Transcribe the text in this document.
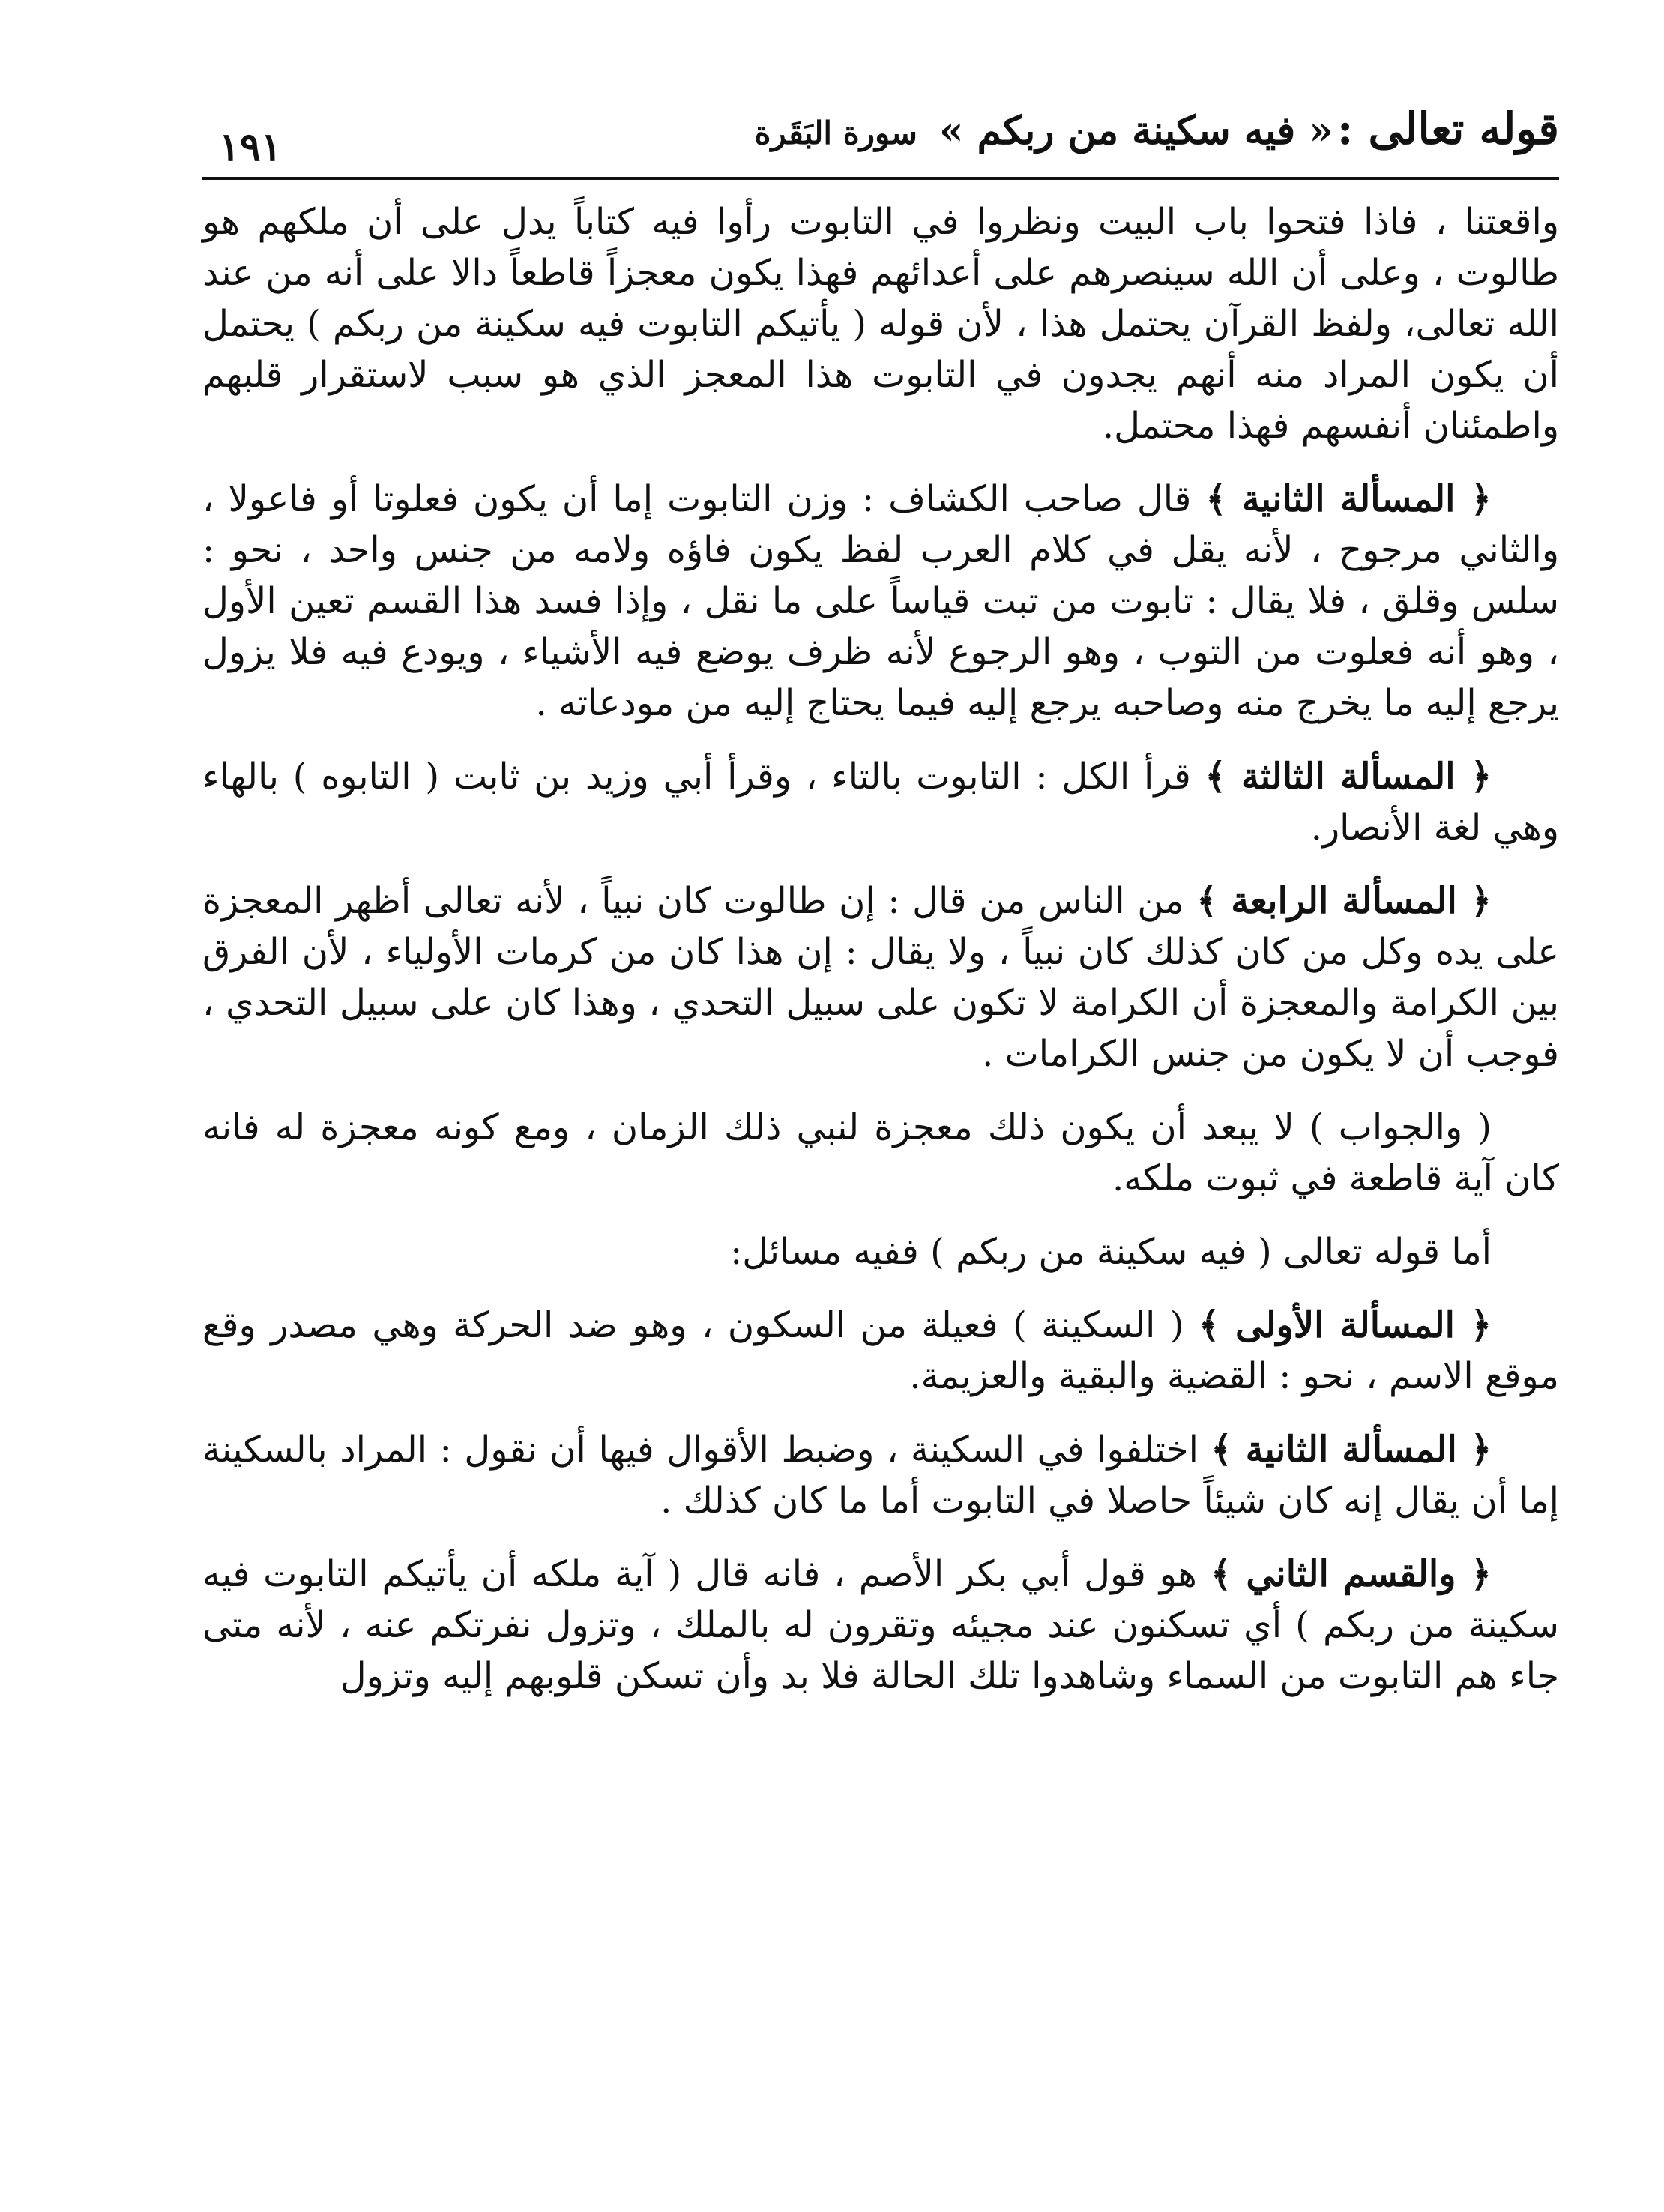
قوله تعالى : « فيه سكينة من ربكم » سورة البَقَرة
١٩١

واقعتنا ، فاذا فتحوا باب البيت ونظروا في التابوت رأوا فيه كتاباً يدل على أن ملكهم هو طالوت ، وعلى أن الله سينصرهم على أعدائهم فهذا يكون معجزاً قاطعاً دالا على أنه من عند الله تعالى، ولفظ القرآن يحتمل هذا ، لأن قوله ( يأتيكم التابوت فيه سكينة من ربكم ) يحتمل أن يكون المراد منه أنهم يجدون في التابوت هذا المعجز الذي هو سبب لاستقرار قلبهم واطمئنان أنفسهم فهذا محتمل.

﴿ المسألة الثانية ﴾ قال صاحب الكشاف : وزن التابوت إما أن يكون فعلوتا أو فاعولا ، والثاني مرجوح ، لأنه يقل في كلام العرب لفظ يكون فاؤه ولامه من جنس واحد ، نحو : سلس وقلق ، فلا يقال : تابوت من تبت قياساً على ما نقل ، وإذا فسد هذا القسم تعين الأول ، وهو أنه فعلوت من التوب ، وهو الرجوع لأنه ظرف يوضع فيه الأشياء ، ويودع فيه فلا يزول يرجع إليه ما يخرج منه وصاحبه يرجع إليه فيما يحتاج إليه من مودعاته .

﴿ المسألة الثالثة ﴾ قرأ الكل : التابوت بالتاء ، وقرأ أبي وزيد بن ثابت ( التابوه ) بالهاء وهي لغة الأنصار.

﴿ المسألة الرابعة ﴾ من الناس من قال : إن طالوت كان نبياً ، لأنه تعالى أظهر المعجزة على يده وكل من كان كذلك كان نبياً ، ولا يقال : إن هذا كان من كرمات الأولياء ، لأن الفرق بين الكرامة والمعجزة أن الكرامة لا تكون على سبيل التحدي ، وهذا كان على سبيل التحدي ، فوجب أن لا يكون من جنس الكرامات .

( والجواب ) لا يبعد أن يكون ذلك معجزة لنبي ذلك الزمان ، ومع كونه معجزة له فانه كان آية قاطعة في ثبوت ملكه.

أما قوله تعالى ( فيه سكينة من ربكم ) ففيه مسائل:

﴿ المسألة الأولى ﴾ ( السكينة ) فعيلة من السكون ، وهو ضد الحركة وهي مصدر وقع موقع الاسم ، نحو : القضية والبقية والعزيمة.

﴿ المسألة الثانية ﴾ اختلفوا في السكينة ، وضبط الأقوال فيها أن نقول : المراد بالسكينة إما أن يقال إنه كان شيئاً حاصلا في التابوت أما ما كان كذلك .

﴿ والقسم الثاني ﴾ هو قول أبي بكر الأصم ، فانه قال ( آية ملكه أن يأتيكم التابوت فيه سكينة من ربكم ) أي تسكنون عند مجيئه وتقرون له بالملك ، وتزول نفرتكم عنه ، لأنه متى جاء هم التابوت من السماء وشاهدوا تلك الحالة فلا بد وأن تسكن قلوبهم إليه وتزول
